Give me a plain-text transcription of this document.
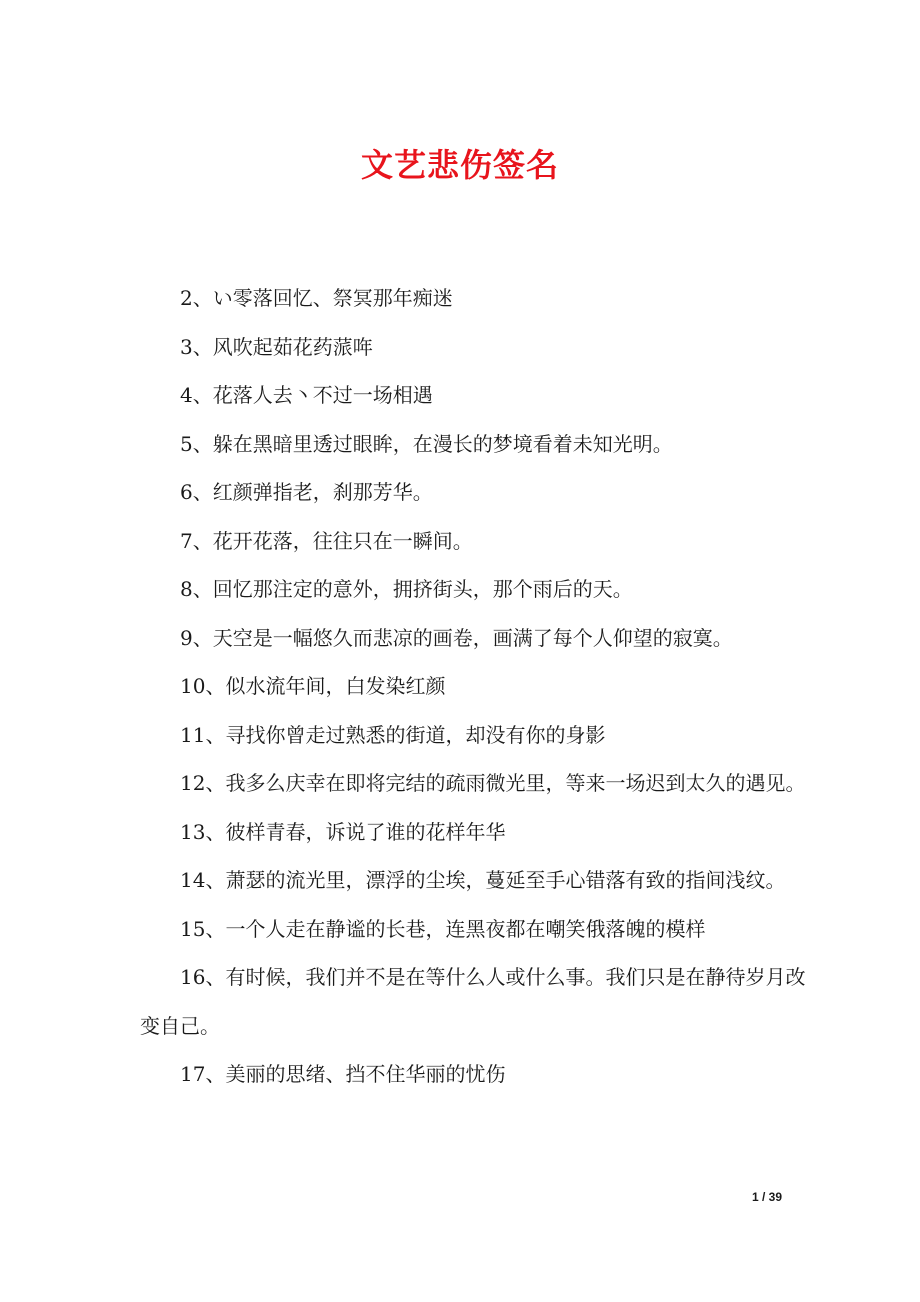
文艺悲伤签名

2、い零落回忆、祭冥那年痴迷

3、风吹起茹花药蒎哖

4、花落人去丶不过一场相遇

5、躲在黑暗里透过眼眸，在漫长的梦境看着未知光明。

6、红颜弹指老，刹那芳华。

7、花开花落，往往只在一瞬间。

8、回忆那注定的意外，拥挤街头，那个雨后的天。

9、天空是一幅悠久而悲凉的画卷，画满了每个人仰望的寂寞。

10、似水流年间，白发染红颜

11、寻找你曾走过熟悉的街道，却没有你的身影

12、我多么庆幸在即将完结的疏雨微光里，等来一场迟到太久的遇见。

13、彼样青春，诉说了谁的花样年华

14、萧瑟的流光里，漂浮的尘埃，蔓延至手心错落有致的指间浅纹。

15、一个人走在静谧的长巷，连黑夜都在嘲笑俄落魄的模样

16、有时候，我们并不是在等什么人或什么事。我们只是在静待岁月改变自己。

17、美丽的思绪、挡不住华丽的忧伤

1 / 39
